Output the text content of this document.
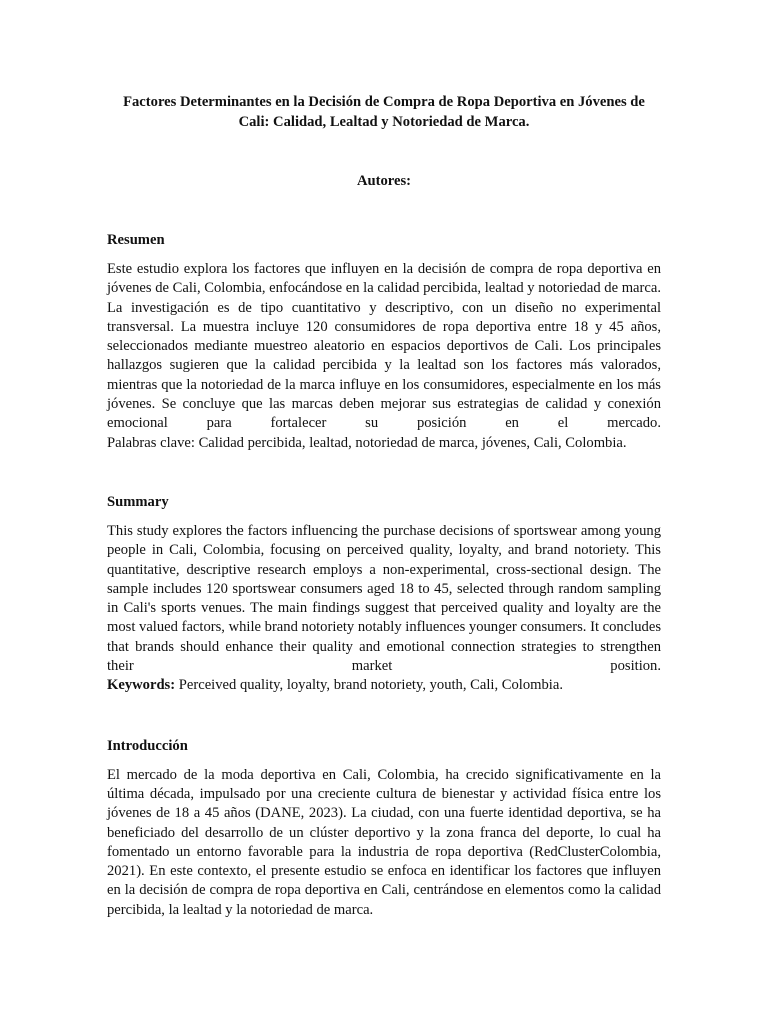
Factores Determinantes en la Decisión de Compra de Ropa Deportiva en Jóvenes de Cali: Calidad, Lealtad y Notoriedad de Marca.

Autores:

Resumen

Este estudio explora los factores que influyen en la decisión de compra de ropa deportiva en jóvenes de Cali, Colombia, enfocándose en la calidad percibida, lealtad y notoriedad de marca. La investigación es de tipo cuantitativo y descriptivo, con un diseño no experimental transversal. La muestra incluye 120 consumidores de ropa deportiva entre 18 y 45 años, seleccionados mediante muestreo aleatorio en espacios deportivos de Cali. Los principales hallazgos sugieren que la calidad percibida y la lealtad son los factores más valorados, mientras que la notoriedad de la marca influye en los consumidores, especialmente en los más jóvenes. Se concluye que las marcas deben mejorar sus estrategias de calidad y conexión emocional para fortalecer su posición en el mercado.
Palabras clave: Calidad percibida, lealtad, notoriedad de marca, jóvenes, Cali, Colombia.

Summary

This study explores the factors influencing the purchase decisions of sportswear among young people in Cali, Colombia, focusing on perceived quality, loyalty, and brand notoriety. This quantitative, descriptive research employs a non-experimental, cross-sectional design. The sample includes 120 sportswear consumers aged 18 to 45, selected through random sampling in Cali's sports venues. The main findings suggest that perceived quality and loyalty are the most valued factors, while brand notoriety notably influences younger consumers. It concludes that brands should enhance their quality and emotional connection strategies to strengthen their market position.
Keywords: Perceived quality, loyalty, brand notoriety, youth, Cali, Colombia.

Introducción

El mercado de la moda deportiva en Cali, Colombia, ha crecido significativamente en la última década, impulsado por una creciente cultura de bienestar y actividad física entre los jóvenes de 18 a 45 años (DANE, 2023). La ciudad, con una fuerte identidad deportiva, se ha beneficiado del desarrollo de un clúster deportivo y la zona franca del deporte, lo cual ha fomentado un entorno favorable para la industria de ropa deportiva (RedClusterColombia, 2021). En este contexto, el presente estudio se enfoca en identificar los factores que influyen en la decisión de compra de ropa deportiva en Cali, centrándose en elementos como la calidad percibida, la lealtad y la notoriedad de marca.
